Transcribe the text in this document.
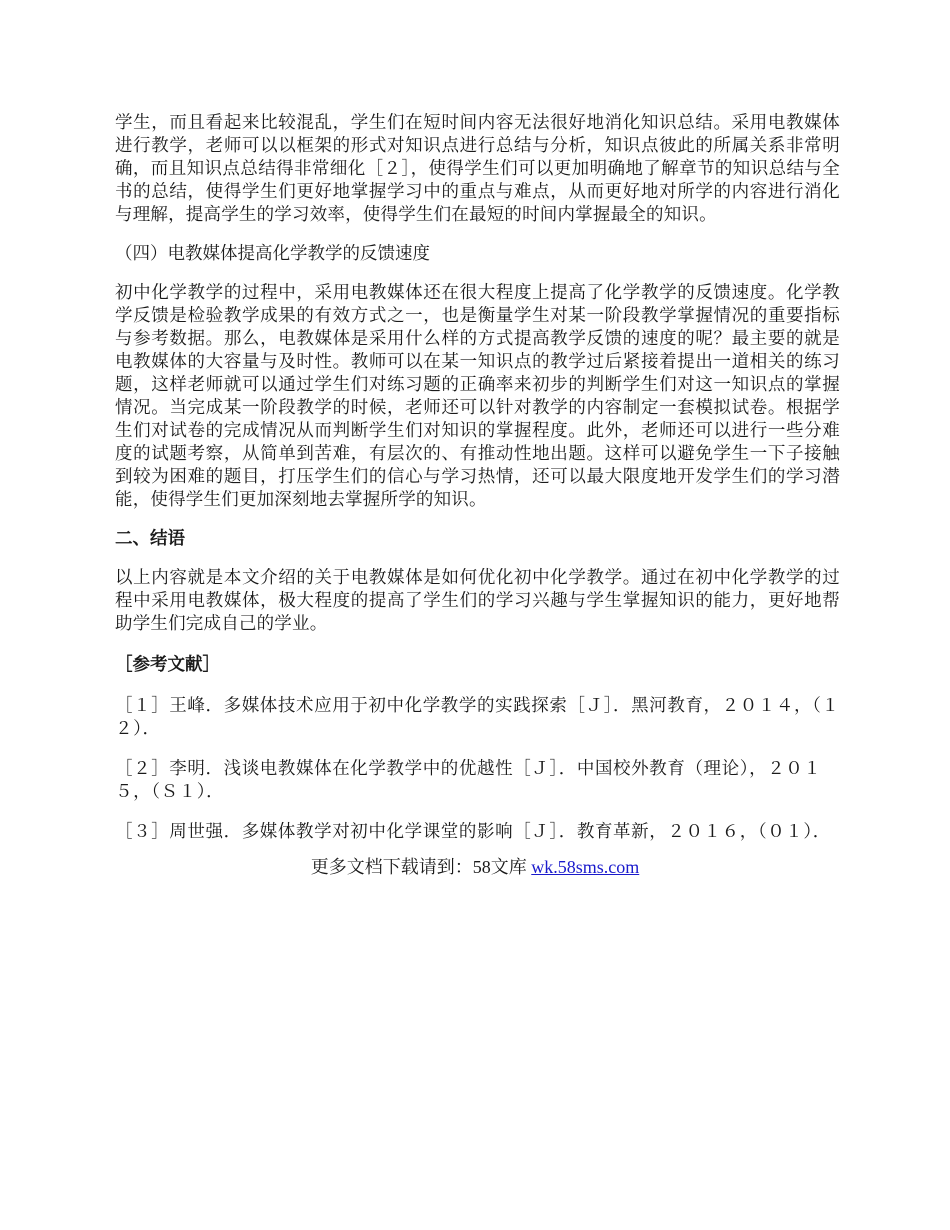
学生，而且看起来比较混乱，学生们在短时间内容无法很好地消化知识总结。采用电教媒体进行教学，老师可以以框架的形式对知识点进行总结与分析，知识点彼此的所属关系非常明确，而且知识点总结得非常细化［２］，使得学生们可以更加明确地了解章节的知识总结与全书的总结，使得学生们更好地掌握学习中的重点与难点，从而更好地对所学的内容进行消化与理解，提高学生的学习效率，使得学生们在最短的时间内掌握最全的知识。

（四）电教媒体提高化学教学的反馈速度

初中化学教学的过程中，采用电教媒体还在很大程度上提高了化学教学的反馈速度。化学教学反馈是检验教学成果的有效方式之一，也是衡量学生对某一阶段教学掌握情况的重要指标与参考数据。那么，电教媒体是采用什么样的方式提高教学反馈的速度的呢？最主要的就是电教媒体的大容量与及时性。教师可以在某一知识点的教学过后紧接着提出一道相关的练习题，这样老师就可以通过学生们对练习题的正确率来初步的判断学生们对这一知识点的掌握情况。当完成某一阶段教学的时候，老师还可以针对教学的内容制定一套模拟试卷。根据学生们对试卷的完成情况从而判断学生们对知识的掌握程度。此外，老师还可以进行一些分难度的试题考察，从简单到苦难，有层次的、有推动性地出题。这样可以避免学生一下子接触到较为困难的题目，打压学生们的信心与学习热情，还可以最大限度地开发学生们的学习潜能，使得学生们更加深刻地去掌握所学的知识。

二、结语

以上内容就是本文介绍的关于电教媒体是如何优化初中化学教学。通过在初中化学教学的过程中采用电教媒体，极大程度的提高了学生们的学习兴趣与学生掌握知识的能力，更好地帮助学生们完成自己的学业。

［参考文献］

［１］王峰．多媒体技术应用于初中化学教学的实践探索［Ｊ］．黑河教育，２０１４，（１２）．

［２］李明．浅谈电教媒体在化学教学中的优越性［Ｊ］．中国校外教育（理论），２０１５，（Ｓ１）．

［３］周世强．多媒体教学对初中化学课堂的影响［Ｊ］．教育革新，２０１６，（０１）．

更多文档下载请到：58文库 wk.58sms.com
